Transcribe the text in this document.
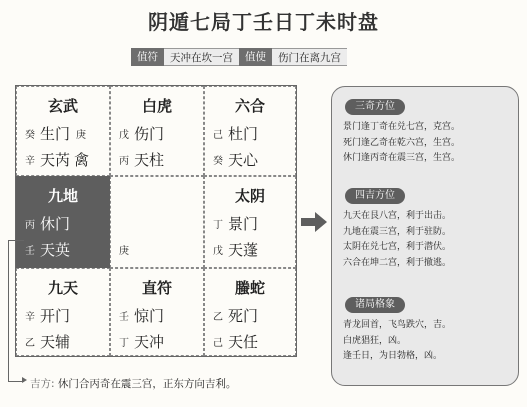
阴遁七局丁壬日丁未时盘
值符	天冲在坎一宫	值使	伤门在离九宫
玄武
癸 生门 庚
辛 天芮 禽
白虎
戊 伤门
丙 天柱
六合
己 杜门
癸 天心
九地
丙 休门
壬 天英	庚
太阴
丁 景门
戊 天蓬
九天
辛 开门
乙 天辅
直符
壬 惊门
丁 天冲
螣蛇
乙 死门
己 天任
吉方: 休门合丙奇在震三宫，正东方向吉利。
三奇方位
景门逢丁奇在兑七宫，克宫。
死门逢乙奇在乾六宫，生宫。
休门逢丙奇在震三宫，生宫。
四吉方位
九天在艮八宫，利于出击。
九地在震三宫，利于驻防。
太阴在兑七宫，利于潜伏。
六合在坤二宫，利于撤逃。
诸局格象
青龙回首，飞鸟跌穴，吉。
白虎猖狂，凶。
逢壬日，为日勃格，凶。
